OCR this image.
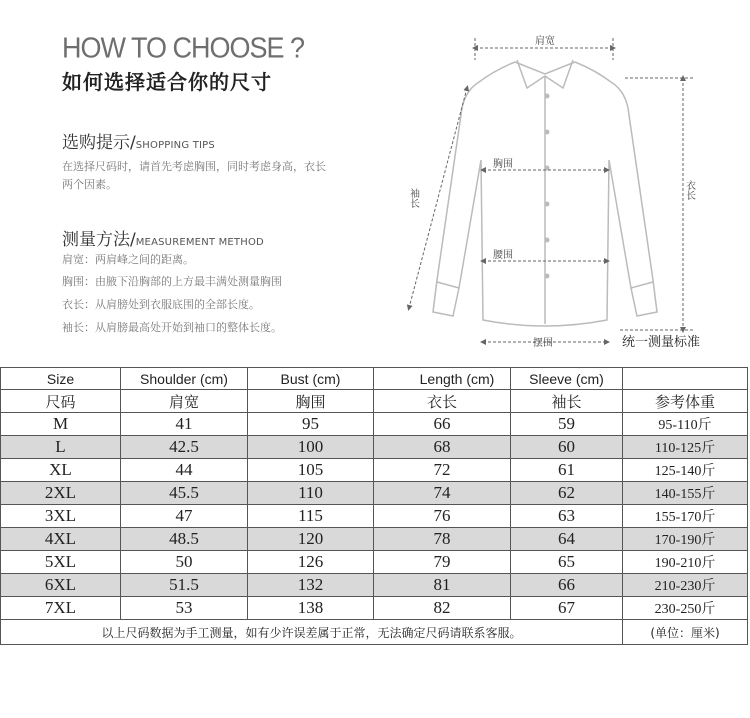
HOW TO CHOOSE ?
如何选择适合你的尺寸
选购提示/SHOPPING TIPS
在选择尺码时，请首先考虑胸围，同时考虑身高，衣长
两个因素。
测量方法/MEASUREMENT METHOD
肩宽：两肩峰之间的距离。
胸围：由腋下沿胸部的上方最丰满处测量胸围
衣长：从肩膀处到衣服底围的全部长度。
袖长：从肩膀最高处开始到袖口的整体长度。
肩宽
胸围
腰围
摆围
袖长	衣长
统一测量标准
Size	Shoulder (cm)	Bust (cm)	Length (cm)	Sleeve (cm)	
尺码	肩宽	胸围	衣长	袖长	参考体重
M	41	95	66	59	95-110斤
L	42.5	100	68	60	110-125斤
XL	44	105	72	61	125-140斤
2XL	45.5	110	74	62	140-155斤
3XL	47	115	76	63	155-170斤
4XL	48.5	120	78	64	170-190斤
5XL	50	126	79	65	190-210斤
6XL	51.5	132	81	66	210-230斤
7XL	53	138	82	67	230-250斤
以上尺码数据为手工测量，如有少许误差属于正常，无法确定尺码请联系客服。					(单位：厘米)
